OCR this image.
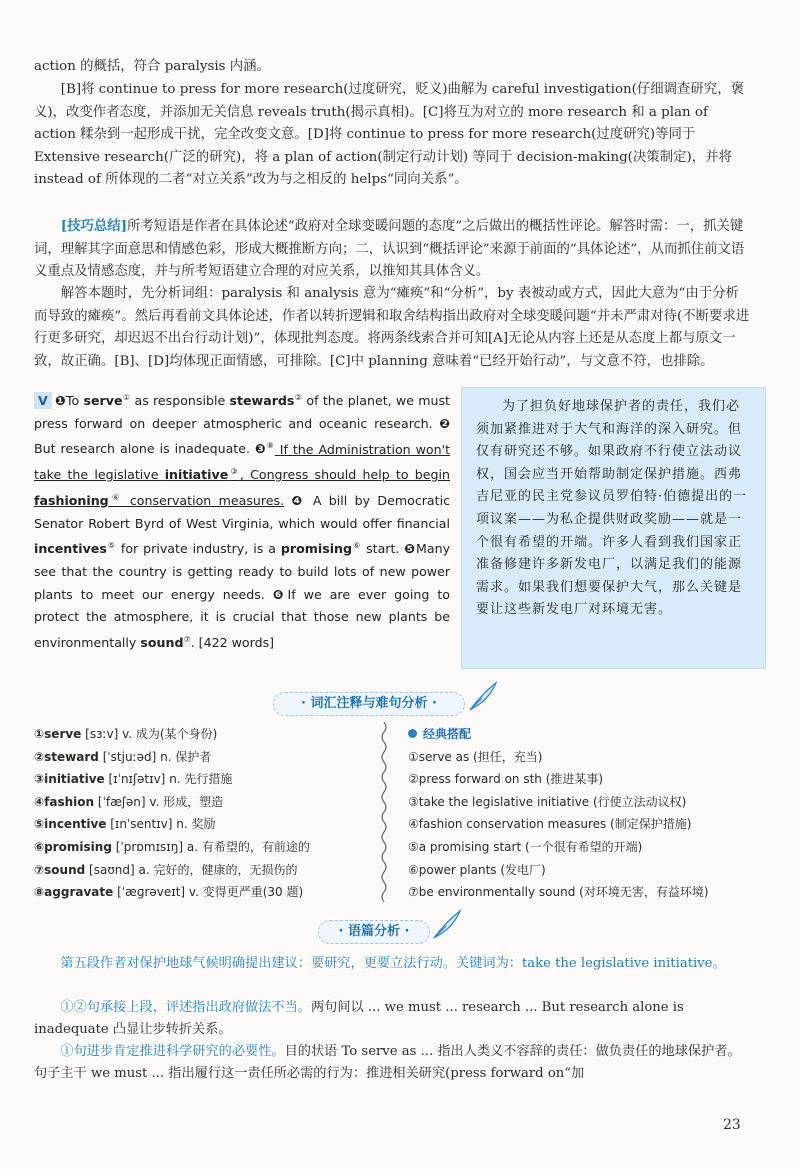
action 的概括，符合 paralysis 内涵。

[B]将 continue to press for more research(过度研究，贬义)曲解为 careful investigation(仔细调查研究，褒义)，改变作者态度，并添加无关信息 reveals truth(揭示真相)。[C]将互为对立的 more research 和 a plan of action 糅杂到一起形成干扰，完全改变文意。[D]将 continue to press for more research(过度研究)等同于 Extensive research(广泛的研究)，将 a plan of action(制定行动计划) 等同于 decision-making(决策制定)，并将 instead of 所体现的二者“对立关系”改为与之相反的 helps“同向关系”。

[技巧总结]所考短语是作者在具体论述“政府对全球变暖问题的态度”之后做出的概括性评论。解答时需：一，抓关键词，理解其字面意思和情感色彩，形成大概推断方向；二，认识到“概括评论”来源于前面的“具体论述”，从而抓住前文语义重点及情感态度，并与所考短语建立合理的对应关系，以推知其具体含义。

解答本题时，先分析词组：paralysis 和 analysis 意为“瘫痪”和“分析”，by 表被动或方式，因此大意为“由于分析而导致的瘫痪”。然后再看前文具体论述，作者以转折逻辑和取舍结构指出政府对全球变暖问题“并未严肃对待(不断要求进行更多研究，却迟迟不出台行动计划)”，体现批判态度。将两条线索合并可知[A]无论从内容上还是从态度上都与原文一致，故正确。[B]、[D]均体现正面情感，可排除。[C]中 planning 意味着“已经开始行动”，与文意不符，也排除。

V ❶To serve① as responsible stewards② of the planet, we must press forward on deeper atmospheric and oceanic research. ❷ But research alone is inadequate. ❸⑧ If the Administration won't take the legislative initiative③, Congress should help to begin fashioning④ conservation measures. ❹ A bill by Democratic Senator Robert Byrd of West Virginia, which would offer financial incentives⑤ for private industry, is a promising⑥ start. ❺Many see that the country is getting ready to build lots of new power plants to meet our energy needs. ❻If we are ever going to protect the atmosphere, it is crucial that those new plants be environmentally sound⑦. [422 words]

为了担负好地球保护者的责任，我们必须加紧推进对于大气和海洋的深入研究。但仅有研究还不够。如果政府不行使立法动议权，国会应当开始帮助制定保护措施。西弗吉尼亚的民主党参议员罗伯特·伯德提出的一项议案——为私企提供财政奖励——就是一个很有希望的开端。许多人看到我们国家正准备修建许多新发电厂，以满足我们的能源需求。如果我们想要保护大气，那么关键是要让这些新发电厂对环境无害。

· 词汇注释与难句分析 ·
①serve [sɜːv] v. 成为(某个身份)
②steward [ˈstjuːəd] n. 保护者
③initiative [ɪˈnɪʃətɪv] n. 先行措施
④fashion [ˈfæʃən] v. 形成，塑造
⑤incentive [ɪnˈsentɪv] n. 奖励
⑥promising [ˈprɒmɪsɪŋ] a. 有希望的，有前途的
⑦sound [saʊnd] a. 完好的，健康的，无损伤的
⑧aggravate [ˈæɡrəveɪt] v. 变得更严重(30 题)
经典搭配
①serve as (担任，充当)
②press forward on sth (推进某事)
③take the legislative initiative (行使立法动议权)
④fashion conservation measures (制定保护措施)
⑤a promising start (一个很有希望的开端)
⑥power plants (发电厂)
⑦be environmentally sound (对环境无害，有益环境)
· 语篇分析 ·

第五段作者对保护地球气候明确提出建议：要研究，更要立法行动。关键词为：take the legislative initiative。

①②句承接上段，评述指出政府做法不当。两句间以 ... we must ... research ... But research alone is inadequate 凸显让步转折关系。

①句进步肯定推进科学研究的必要性。目的状语 To serve as ... 指出人类义不容辞的责任：做负责任的地球保护者。句子主干 we must ... 指出履行这一责任所必需的行为：推进相关研究(press forward on“加

23
